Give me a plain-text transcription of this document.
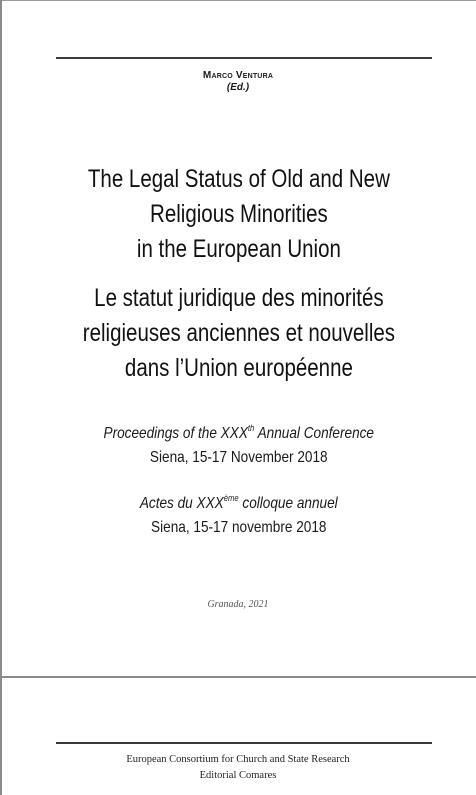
Marco Ventura
(Ed.)
The Legal Status of Old and New
Religious Minorities
in the European Union
Le statut juridique des minorités
religieuses anciennes et nouvelles
dans l’Union européenne
Proceedings of the XXXth Annual Conference
Siena, 15-17 November 2018
Actes du XXXème colloque annuel
Siena, 15-17 novembre 2018
Granada, 2021
European Consortium for Church and State Research
Editorial Comares
